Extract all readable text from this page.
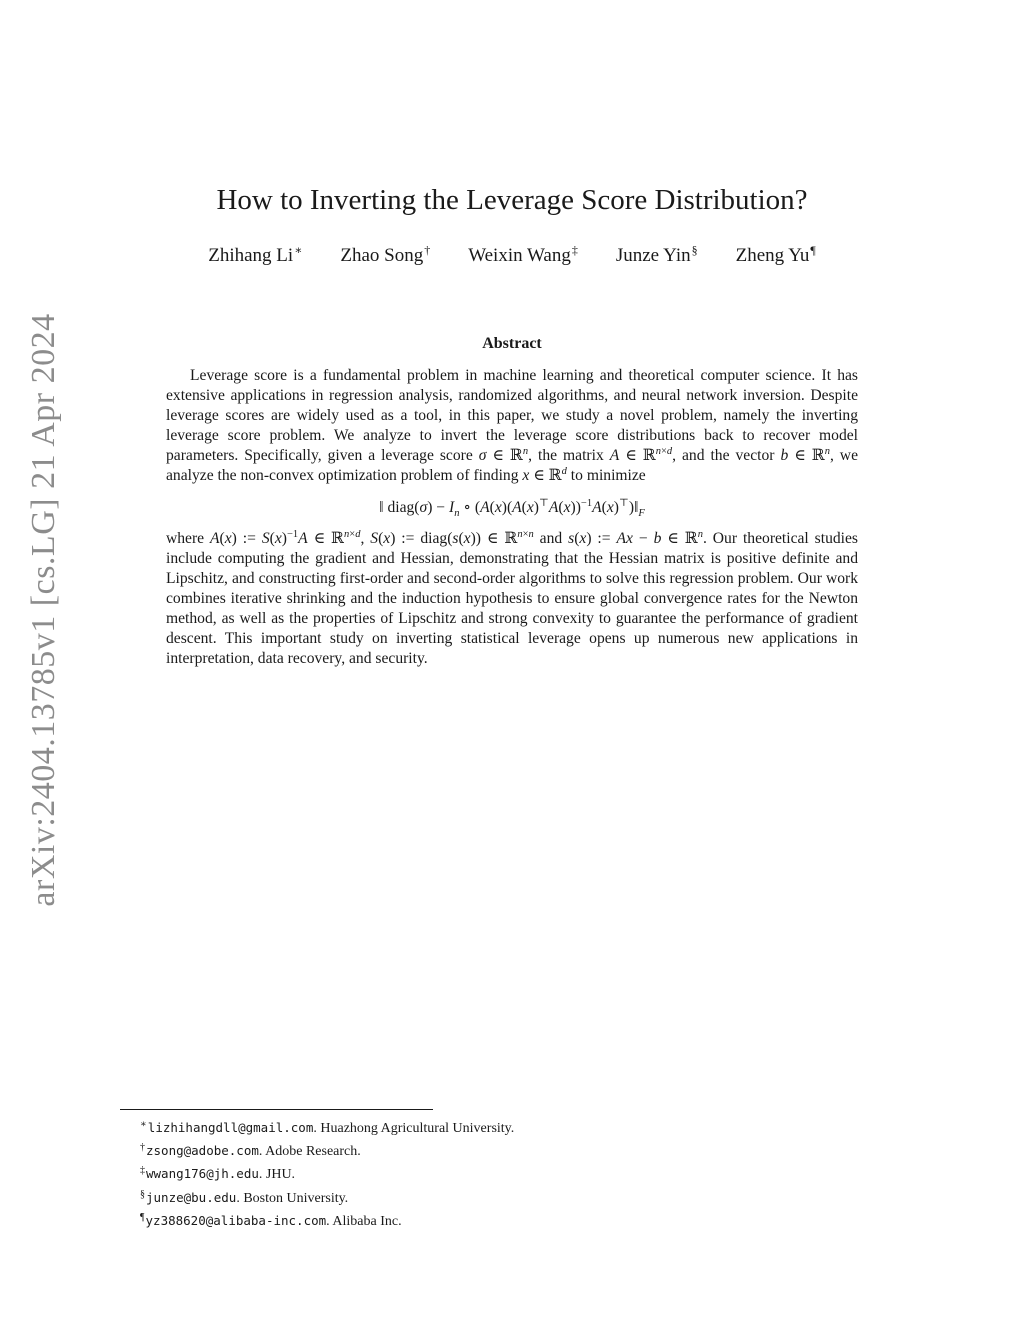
arXiv:2404.13785v1 [cs.LG] 21 Apr 2024
How to Inverting the Leverage Score Distribution?
Zhihang Li∗ Zhao Song† Weixin Wang‡ Junze Yin§ Zheng Yu¶
Abstract

Leverage score is a fundamental problem in machine learning and theoretical computer science. It has extensive applications in regression analysis, randomized algorithms, and neural network inversion. Despite leverage scores are widely used as a tool, in this paper, we study a novel problem, namely the inverting leverage score problem. We analyze to invert the leverage score distributions back to recover model parameters. Specifically, given a leverage score σ ∈ ℝ$^n$, the matrix A ∈ ℝ$^{n\times d}$, and the vector b ∈ ℝ$^n$, we analyze the non-convex optimization problem of finding x ∈ ℝ$^d$ to minimize

‖ diag(σ) − $I_n$ ∘ $(A(x)(A(x)^⊤A(x))^{-1}A(x)^⊤)‖_F$

where A(x) := $S(x)^{-1}A$ ∈ ℝ$^{n\times d}$, S(x) := diag(s(x)) ∈ ℝ$^{n\times n}$ and s(x) := Ax − b ∈ ℝ$^n$. Our theoretical studies include computing the gradient and Hessian, demonstrating that the Hessian matrix is positive definite and Lipschitz, and constructing first-order and second-order algorithms to solve this regression problem. Our work combines iterative shrinking and the induction hypothesis to ensure global convergence rates for the Newton method, as well as the properties of Lipschitz and strong convexity to guarantee the performance of gradient descent. This important study on inverting statistical leverage opens up numerous new applications in interpretation, data recovery, and security.

∗lizhihangdll@gmail.com. Huazhong Agricultural University.
†zsong@adobe.com. Adobe Research.
‡wwang176@jh.edu. JHU.
§junze@bu.edu. Boston University.
¶yz388620@alibaba-inc.com. Alibaba Inc.
